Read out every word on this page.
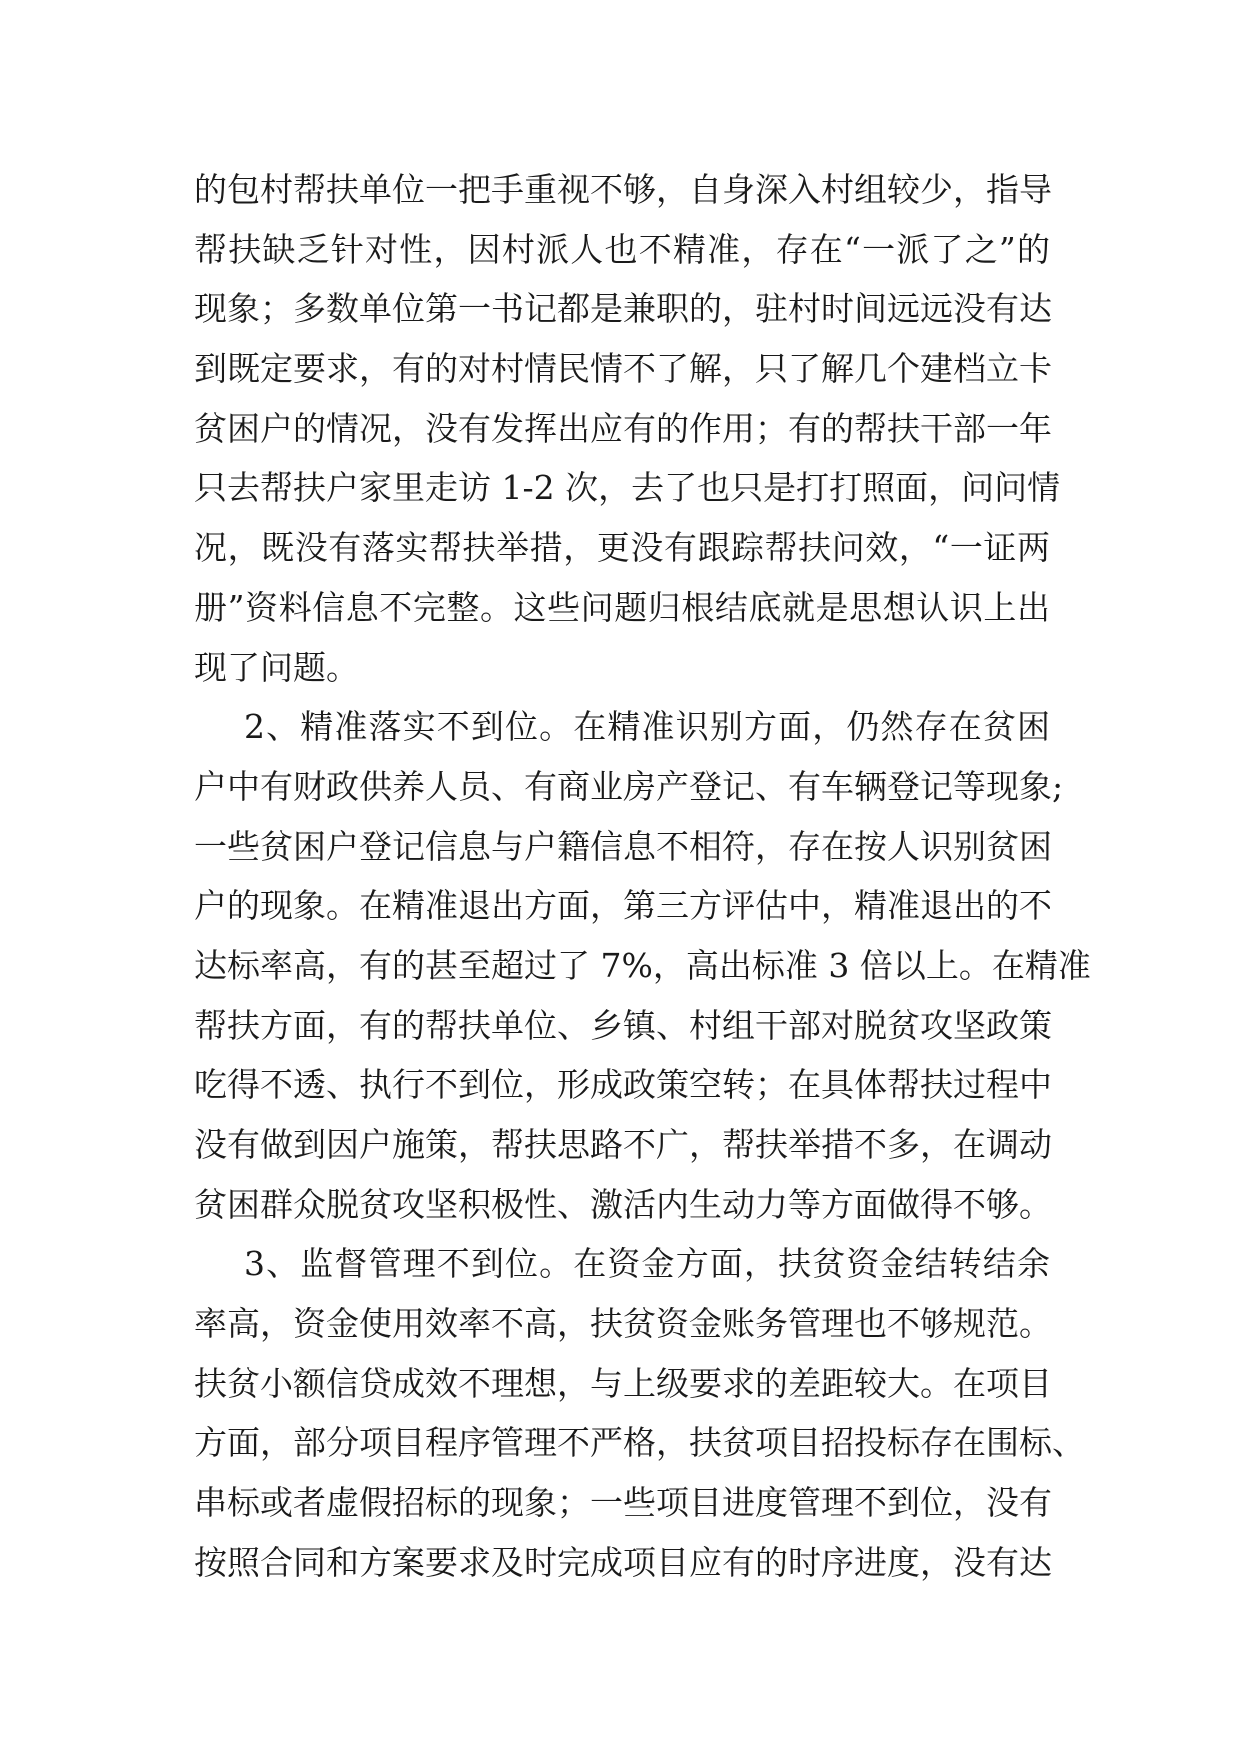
的包村帮扶单位一把手重视不够，自身深入村组较少，指导
帮扶缺乏针对性，因村派人也不精准，存在“一派了之”的
现象；多数单位第一书记都是兼职的，驻村时间远远没有达
到既定要求，有的对村情民情不了解，只了解几个建档立卡
贫困户的情况，没有发挥出应有的作用；有的帮扶干部一年
只去帮扶户家里走访 1-2 次，去了也只是打打照面，问问情
况，既没有落实帮扶举措，更没有跟踪帮扶问效，“一证两
册”资料信息不完整。这些问题归根结底就是思想认识上出
现了问题。
2、精准落实不到位。在精准识别方面，仍然存在贫困
户中有财政供养人员、有商业房产登记、有车辆登记等现象;
一些贫困户登记信息与户籍信息不相符，存在按人识别贫困
户的现象。在精准退出方面，第三方评估中，精准退出的不
达标率高，有的甚至超过了 7%，高出标准 3 倍以上。在精准
帮扶方面，有的帮扶单位、乡镇、村组干部对脱贫攻坚政策
吃得不透、执行不到位，形成政策空转；在具体帮扶过程中
没有做到因户施策，帮扶思路不广，帮扶举措不多，在调动
贫困群众脱贫攻坚积极性、激活内生动力等方面做得不够。
3、监督管理不到位。在资金方面，扶贫资金结转结余
率高，资金使用效率不高，扶贫资金账务管理也不够规范。
扶贫小额信贷成效不理想，与上级要求的差距较大。在项目
方面，部分项目程序管理不严格，扶贫项目招投标存在围标、
串标或者虚假招标的现象；一些项目进度管理不到位，没有
按照合同和方案要求及时完成项目应有的时序进度，没有达
